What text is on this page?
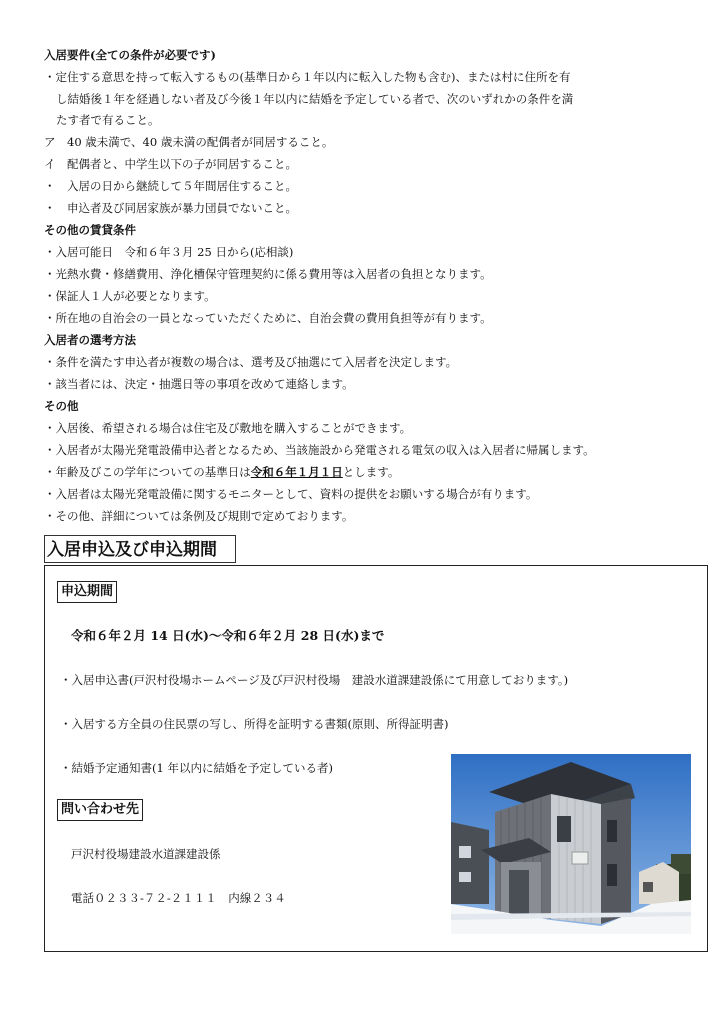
入居要件(全ての条件が必要です)
・定住する意思を持って転入するもの(基準日から１年以内に転入した物も含む)、または村に住所を有
し結婚後１年を経過しない者及び今後１年以内に結婚を予定している者で、次のいずれかの条件を満
たす者で有ること。
ア　40 歳未満で、40 歳未満の配偶者が同居すること。
イ　配偶者と、中学生以下の子が同居すること。
・　入居の日から継続して５年間居住すること。
・　申込者及び同居家族が暴力団員でないこと。
その他の賃貸条件
・入居可能日　令和６年３月 25 日から(応相談)
・光熱水費・修繕費用、浄化槽保守管理契約に係る費用等は入居者の負担となります。
・保証人１人が必要となります。
・所在地の自治会の一員となっていただくために、自治会費の費用負担等が有ります。
入居者の選考方法
・条件を満たす申込者が複数の場合は、選考及び抽選にて入居者を決定します。
・該当者には、決定・抽選日等の事項を改めて連絡します。
その他
・入居後、希望される場合は住宅及び敷地を購入することができます。
・入居者が太陽光発電設備申込者となるため、当該施設から発電される電気の収入は入居者に帰属します。
・年齢及びこの学年についての基準日は令和６年１月１日とします。
・入居者は太陽光発電設備に関するモニターとして、資料の提供をお願いする場合が有ります。
・その他、詳細については条例及び規則で定めております。
入居申込及び申込期間
申込期間
令和６年２月 14 日(水)～令和６年２月 28 日(水)まで
・入居申込書(戸沢村役場ホームページ及び戸沢村役場　建設水道課建設係にて用意しております。)
・入居する方全員の住民票の写し、所得を証明する書類(原則、所得証明書)
・結婚予定通知書(1 年以内に結婚を予定している者)
問い合わせ先
戸沢村役場建設水道課建設係
電話０２３３-７２-２１１１　内線２３４
